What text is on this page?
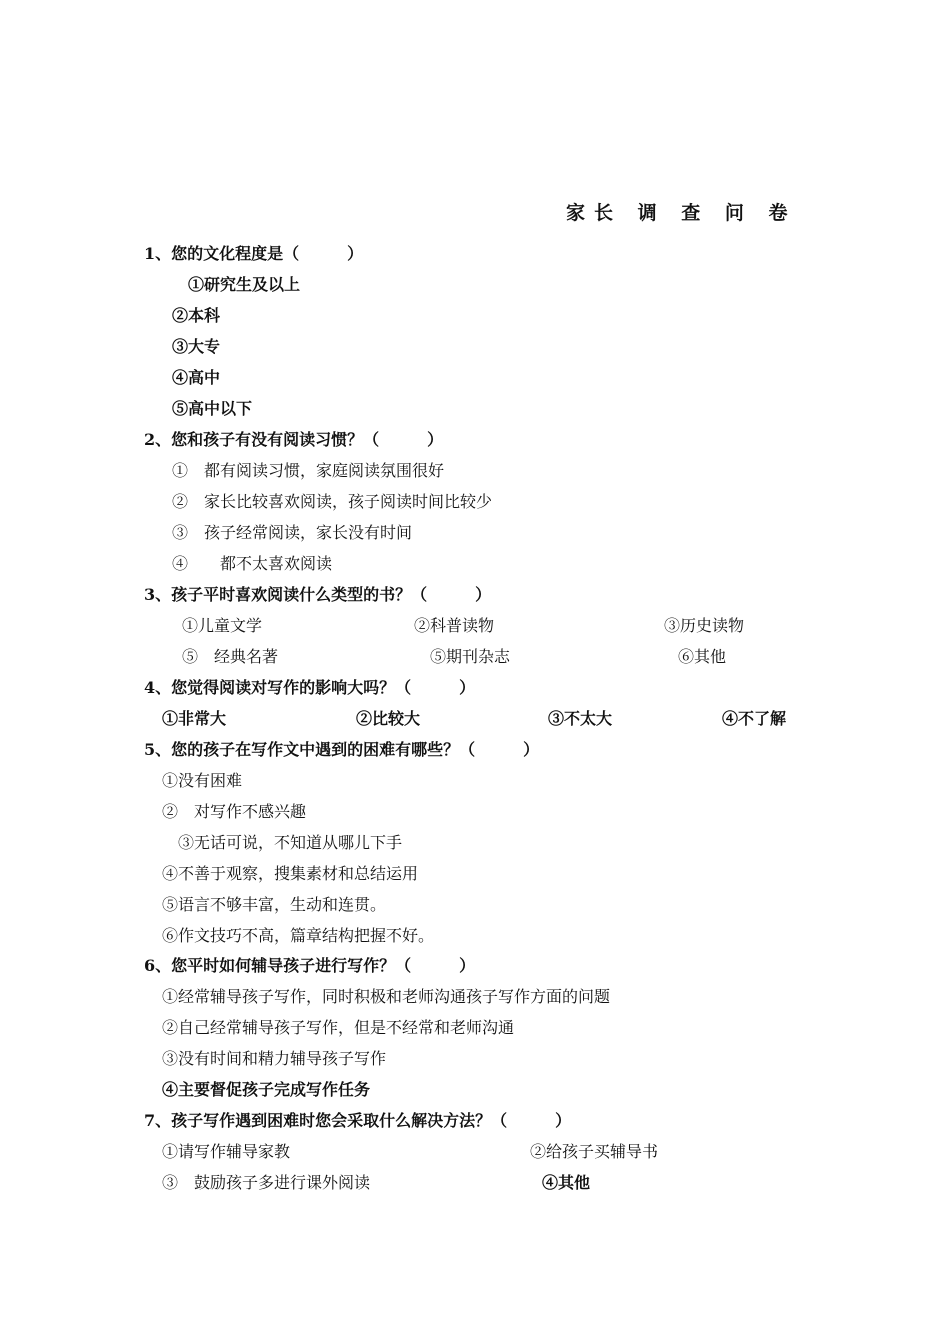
家长 调 查 问 卷
1、您的文化程度是（　　　）
①研究生及以上
②本科
③大专
④高中
⑤高中以下
2、您和孩子有没有阅读习惯？（　　　）
①　都有阅读习惯，家庭阅读氛围很好
②　家长比较喜欢阅读，孩子阅读时间比较少
③　孩子经常阅读，家长没有时间
④　　都不太喜欢阅读
3、孩子平时喜欢阅读什么类型的书？（　　　）
①儿童文学	②科普读物	③历史读物
⑤　经典名著	⑤期刊杂志	⑥其他
4、您觉得阅读对写作的影响大吗？（　　　）
①非常大	②比较大	③不太大	④不了解
5、您的孩子在写作文中遇到的困难有哪些？（　　　）
①没有困难
②　对写作不感兴趣
③无话可说，不知道从哪儿下手
④不善于观察，搜集素材和总结运用
⑤语言不够丰富，生动和连贯。
⑥作文技巧不高，篇章结构把握不好。
6、您平时如何辅导孩子进行写作？（　　　）
①经常辅导孩子写作，同时积极和老师沟通孩子写作方面的问题
②自己经常辅导孩子写作，但是不经常和老师沟通
③没有时间和精力辅导孩子写作
④主要督促孩子完成写作任务
7、孩子写作遇到困难时您会采取什么解决方法？（　　　）
①请写作辅导家教	②给孩子买辅导书
③　鼓励孩子多进行课外阅读	④其他
